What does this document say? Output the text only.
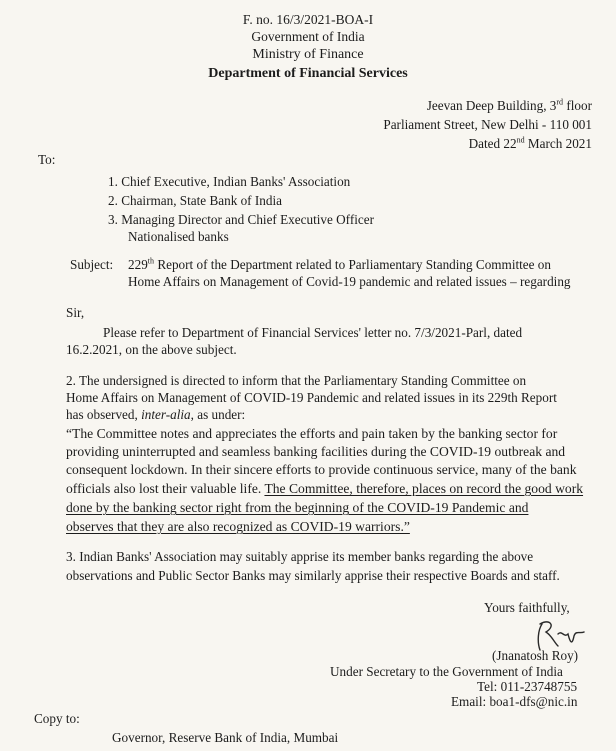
F. no. 16/3/2021-BOA-I
Government of India
Ministry of Finance
Department of Financial Services
Jeevan Deep Building, 3rd floor
Parliament Street, New Delhi - 110 001
Dated 22nd March 2021
To:
1. Chief Executive, Indian Banks' Association
2. Chairman, State Bank of India
3. Managing Director and Chief Executive Officer
Nationalised banks
Subject: 229th Report of the Department related to Parliamentary Standing Committee on
Home Affairs on Management of Covid-19 pandemic and related issues – regarding
Sir,
Please refer to Department of Financial Services' letter no. 7/3/2021-Parl, dated
16.2.2021, on the above subject.
2. The undersigned is directed to inform that the Parliamentary Standing Committee on
Home Affairs on Management of COVID-19 Pandemic and related issues in its 229th Report
has observed, inter-alia, as under:
“The Committee notes and appreciates the efforts and pain taken by the banking sector for
providing uninterrupted and seamless banking facilities during the COVID-19 outbreak and
consequent lockdown. In their sincere efforts to provide continuous service, many of the bank
officials also lost their valuable life. The Committee, therefore, places on record the good work
done by the banking sector right from the beginning of the COVID-19 Pandemic and
observes that they are also recognized as COVID-19 warriors.”
3. Indian Banks' Association may suitably apprise its member banks regarding the above
observations and Public Sector Banks may similarly apprise their respective Boards and staff.
Yours faithfully,
(Jnanatosh Roy)
Under Secretary to the Government of India
Tel: 011-23748755
Email: boa1-dfs@nic.in
Copy to:
Governor, Reserve Bank of India, Mumbai
